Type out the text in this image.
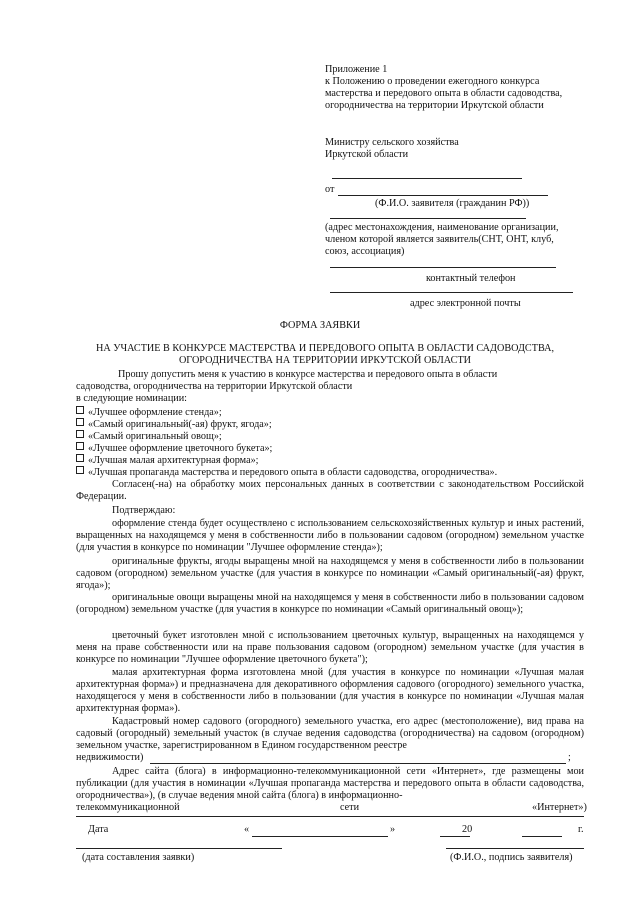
Приложение 1
к Положению о проведении ежегодного конкурса
мастерства и передового опыта в области садоводства,
огородничества на территории Иркутской области
Министру сельского хозяйства
Иркутской области
от
(Ф.И.О. заявителя (гражданин РФ))
(адрес местонахождения, наименование организации,
членом которой является заявитель(СНТ, ОНТ, клуб,
союз, ассоциация)
контактный телефон
адрес электронной почты
ФОРМА ЗАЯВКИ
НА УЧАСТИЕ В КОНКУРСЕ МАСТЕРСТВА И ПЕРЕДОВОГО ОПЫТА В ОБЛАСТИ САДОВОДСТВА,
ОГОРОДНИЧЕСТВА НА ТЕРРИТОРИИ ИРКУТСКОЙ ОБЛАСТИ
Прошу допустить меня к участию в конкурсе мастерства и передового опыта в области
садоводства, огородничества на территории Иркутской области
в следующие номинации:
«Лучшее оформление стенда»;
«Самый оригинальный(-ая) фрукт, ягода»;
«Самый оригинальный овощ»;
«Лучшее оформление цветочного букета»;
«Лучшая малая архитектурная форма»;
«Лучшая пропаганда мастерства и передового опыта в области садоводства, огородничества».
Согласен(-на) на обработку моих персональных данных в соответствии с законодательством Российской Федерации.
Подтверждаю:
оформление стенда будет осуществлено с использованием сельскохозяйственных культур и иных растений, выращенных на находящемся у меня в собственности либо в пользовании садовом (огородном) земельном участке (для участия в конкурсе по номинации "Лучшее оформление стенда»);
оригинальные фрукты, ягоды выращены мной на находящемся у меня в собственности либо в пользовании садовом (огородном) земельном участке (для участия в конкурсе по номинации «Самый оригинальный(-ая) фрукт, ягода»);
оригинальные овощи выращены мной на находящемся у меня в собственности либо в пользовании садовом (огородном) земельном участке (для участия в конкурсе по номинации «Самый оригинальный овощ»);
цветочный букет изготовлен мной с использованием цветочных культур, выращенных на находящемся у меня на праве собственности или на праве пользования садовом (огородном) земельном участке (для участия в конкурсе по номинации "Лучшее оформление цветочного букета");
малая архитектурная форма изготовлена мной (для участия в конкурсе по номинации «Лучшая малая архитектурная форма») и предназначена для декоративного оформления садового (огородного) земельного участка, находящегося у меня в собственности либо в пользовании (для участия в конкурсе по номинации «Лучшая малая архитектурная форма»).
Кадастровый номер садового (огородного) земельного участка, его адрес (местоположение), вид права на садовый (огородный) земельный участок (в случае ведения садоводства (огородничества) на садовом (огородном) земельном участке, зарегистрированном в Едином государственном реестре
недвижимости)	;
Адрес сайта (блога) в информационно-телекоммуникационной сети «Интернет», где размещены мои публикации (для участия в номинации «Лучшая пропаганда мастерства и передового опыта в области садоводства, огородничества»), (в случае ведения мной сайта (блога) в информационно-
телекоммуникационной	сети	«Интернет»)
Дата	«	»	20	г.
(дата составления заявки)	(Ф.И.О., подпись заявителя)
